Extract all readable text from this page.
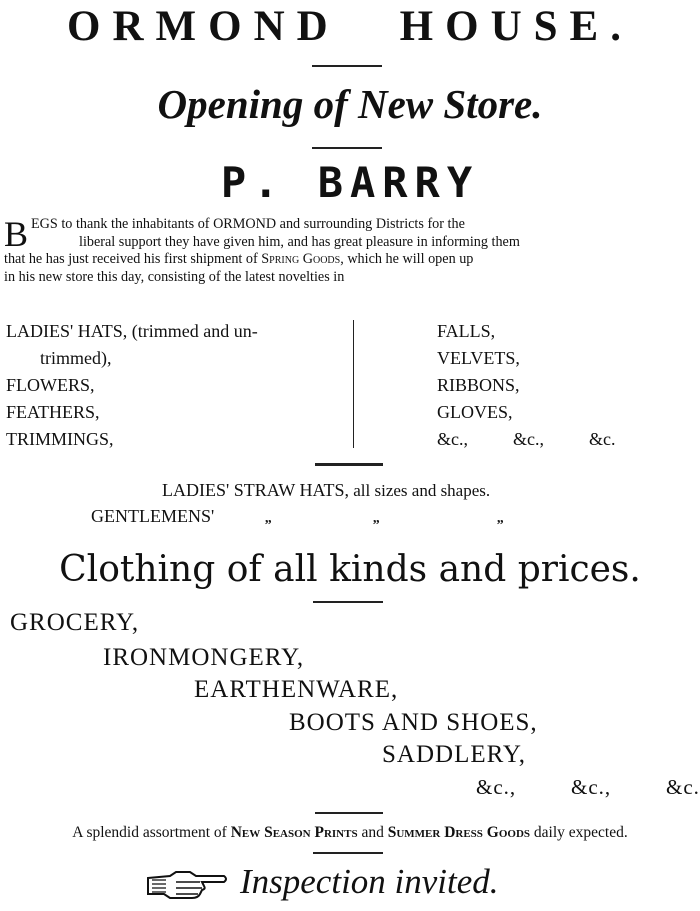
ORMOND HOUSE.
Opening of New Store.
P. BARRY
B EGS to thank the inhabitants of ORMOND and surrounding Districts for the
liberal support they have given him, and has great pleasure in informing them
that he has just received his first shipment of Spring Goods, which he will open up
in his new store this day, consisting of the latest novelties in
LADIES' HATS, (trimmed and un-
trimmed),
FLOWERS,
FEATHERS,
TRIMMINGS,
FALLS,
VELVETS,
RIBBONS,
GLOVES,
&c.,	&c.,	&c.
LADIES' STRAW HATS, all sizes and shapes.
GENTLEMENS'	„	„	„
Clothing of all kinds and prices.
GROCERY,
IRONMONGERY,
EARTHENWARE,
BOOTS AND SHOES,
SADDLERY,
&c.,	&c.,	&c.
A splendid assortment of New Season Prints and Summer Dress Goods daily expected.
Inspection invited.
